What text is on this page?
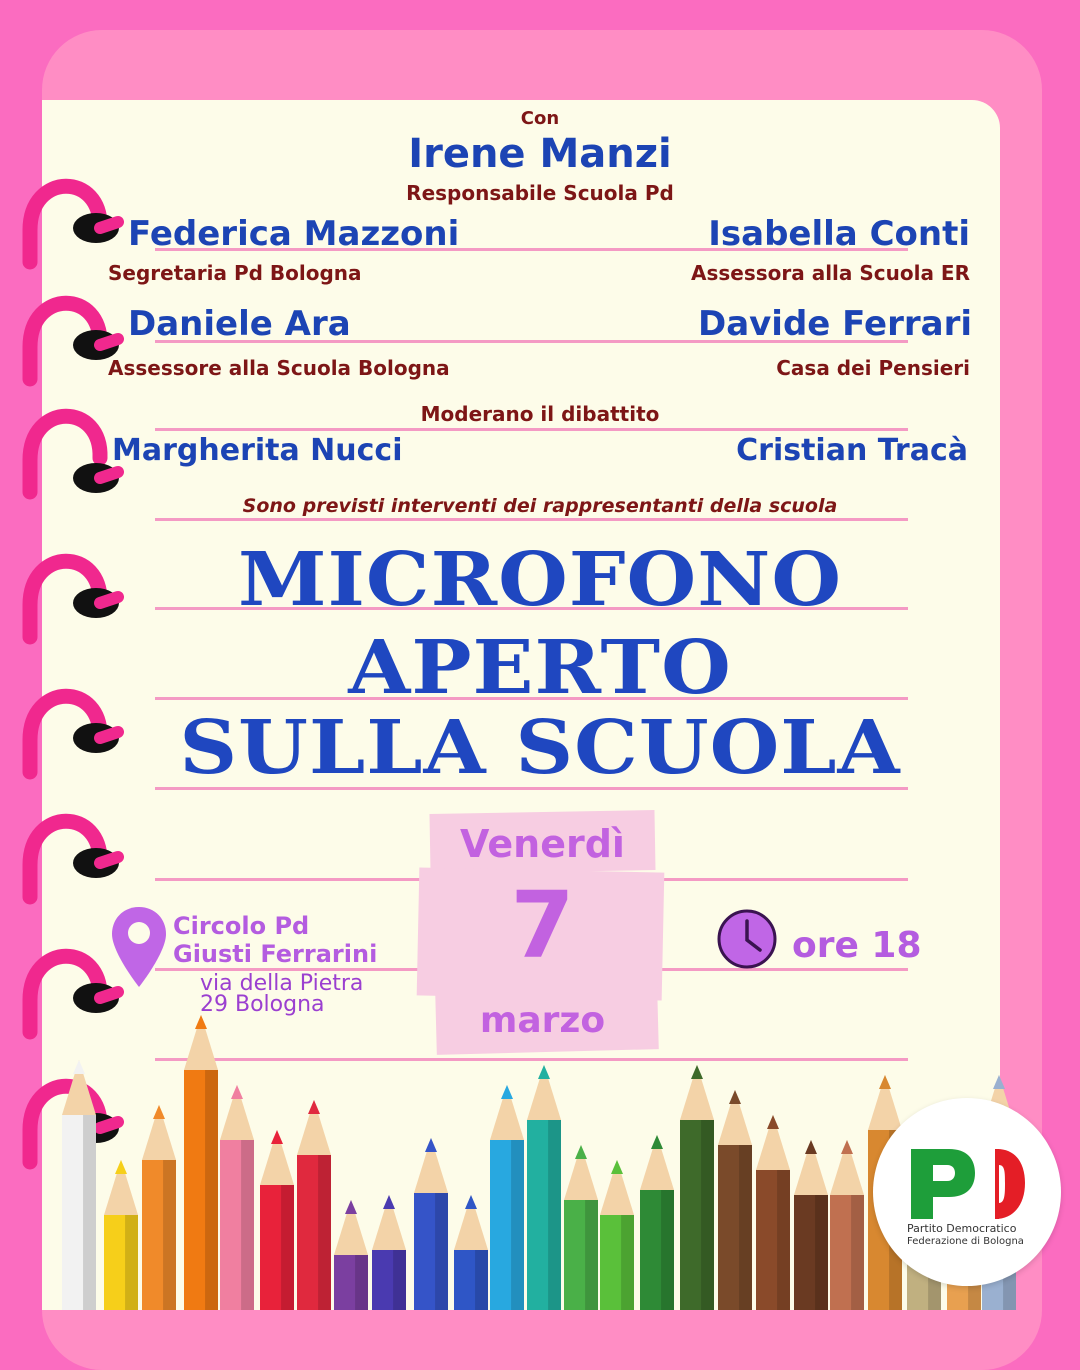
Con

Irene Manzi

Responsabile Scuola Pd

Federica Mazzoni

Segretaria Pd Bologna

Daniele Ara

Assessore alla Scuola Bologna

Isabella Conti

Assessora alla Scuola ER

Davide Ferrari

Casa dei Pensieri

Moderano il dibattito

Margherita Nucci	Cristian Tracà

Sono previsti interventi dei rappresentanti della scuola

MICROFONO

APERTO

SULLA SCUOLA

Venerdì

7

marzo

Circolo Pd

Giusti Ferrarini

via della Pietra

29 Bologna

ore 18

Partito Democratico

Federazione di Bologna
